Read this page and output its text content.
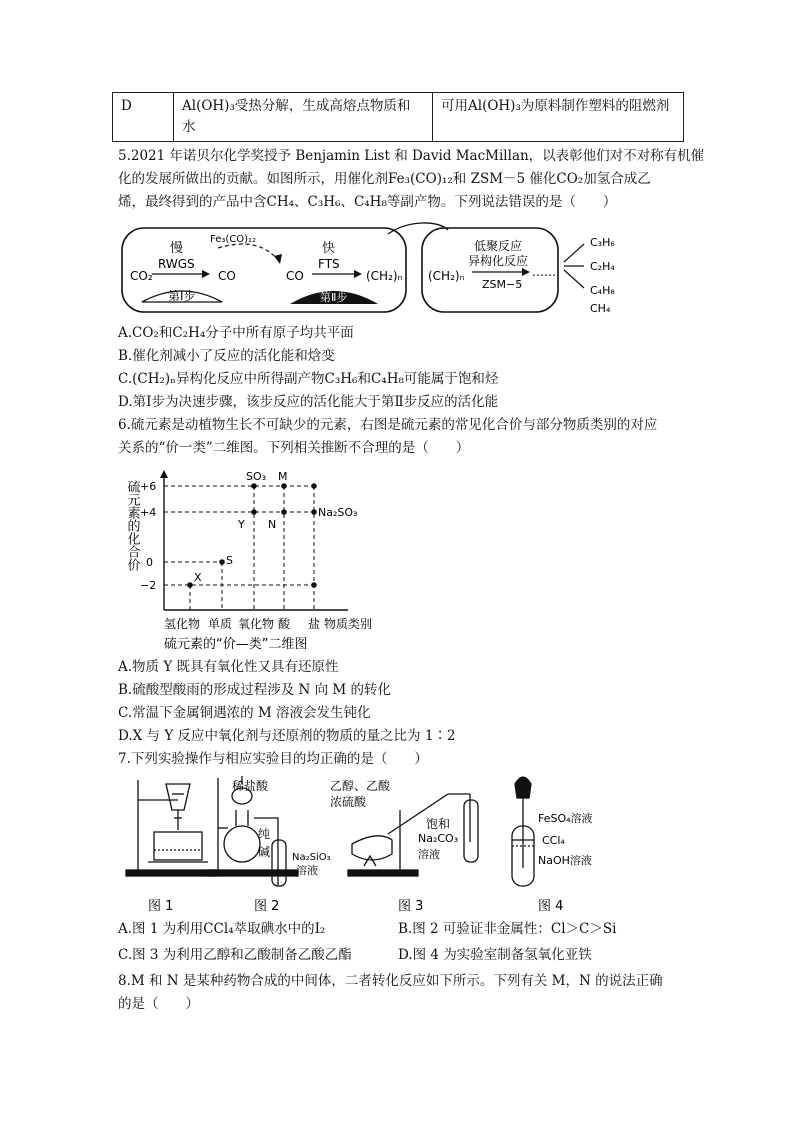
D	Al(OH)₃受热分解，生成高熔点物质和
水
	可用Al(OH)₃为原料制作塑料的阻燃剂
5.2021 年诺贝尔化学奖授予 Benjamin List 和 David MacMillan，以表彰他们对不对称有机催
化的发展所做出的贡献。如图所示，用催化剂Fe₃(CO)₁₂和 ZSM－5 催化CO₂加氢合成乙
烯，最终得到的产品中含CH₄、C₃H₆、C₄H₈等副产物。下列说法错误的是（　　）
慢
RWGS
CO₂	CO
第Ⅰ步
Fe₃(CO)₁₂
CO
快
FTS
(CH₂)ₙ
第Ⅱ步
(CH₂)ₙ
低聚反应
异构化反应
……
ZSM−5
C₃H₆
C₂H₄
C₄H₈
CH₄
A.CO₂和C₂H₄分子中所有原子均共平面
B.催化剂减小了反应的活化能和焓变
C.(CH₂)ₙ异构化反应中所得副产物C₃H₆和C₄H₈可能属于饱和烃
D.第Ⅰ步为决速步骤，该步反应的活化能大于第Ⅱ步反应的活化能
6.硫元素是动植物生长不可缺少的元素，右图是硫元素的常见化合价与部分物质类别的对应
关系的“价一类”二维图。下列相关推断不合理的是（　　）
硫元素的化合价 +6
+4
0
−2
SO₃ M
Y N
Na₂SO₃
S
X
氢化物 单质 氧化物 酸 盐 物质类别
硫元素的“价—类”二维图
A.物质 Y 既具有氧化性又具有还原性
B.硫酸型酸雨的形成过程涉及 N 向 M 的转化
C.常温下金属铜遇浓的 M 溶液会发生钝化
D.X 与 Y 反应中氧化剂与还原剂的物质的量之比为 1∶2
7.下列实验操作与相应实验目的均正确的是（　　）
稀盐酸
纯
碱 Na₂SiO₃
溶液
乙醇、乙酸
浓硫酸
饱和
Na₂CO₃
溶液
FeSO₄溶液
CCl₄
NaOH溶液
图 1	图 2	图 3	图 4
A.图 1 为利用CCl₄萃取碘水中的I₂	B.图 2 可验证非金属性：Cl＞C＞Si
C.图 3 为利用乙醇和乙酸制备乙酸乙酯	D.图 4 为实验室制备氢氧化亚铁
8.M 和 N 是某种药物合成的中间体，二者转化反应如下所示。下列有关 M，N 的说法正确
的是（　　）
